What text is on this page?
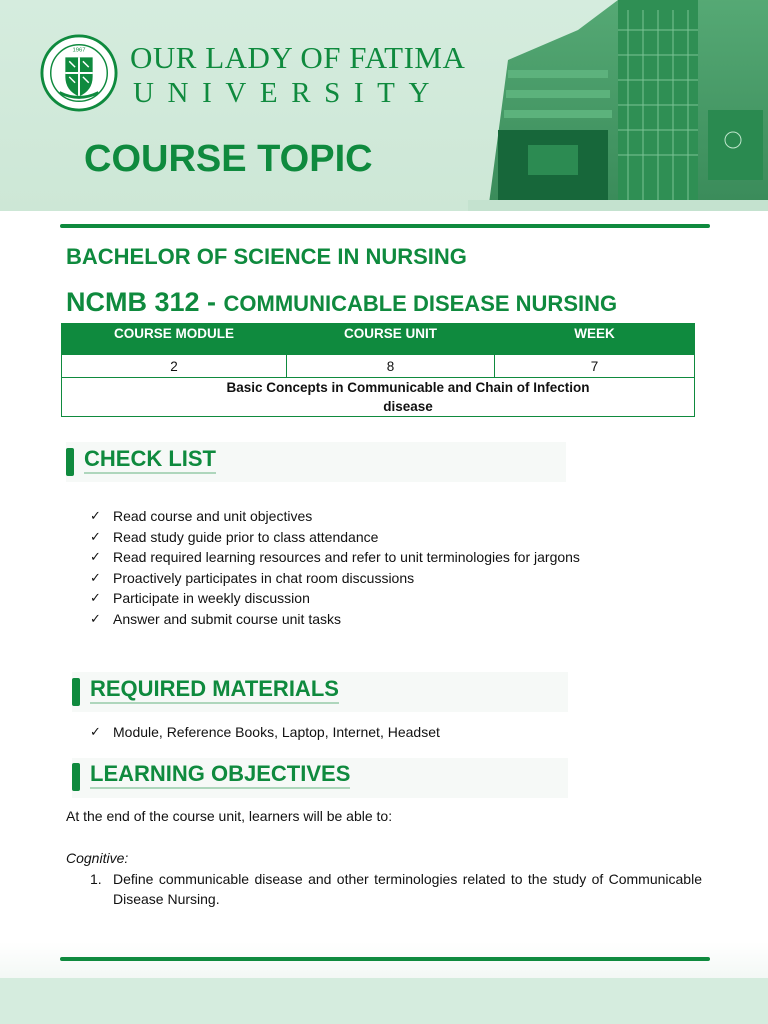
1967 OUR LADY OF FATIMA
UNIVERSITY
COURSE TOPIC
BACHELOR OF SCIENCE IN NURSING
NCMB 312 - COMMUNICABLE DISEASE NURSING
COURSE MODULE	COURSE UNIT	WEEK
2	8	7
Basic Concepts in Communicable and Chain of Infection disease		
CHECK LIST
✓ Read course and unit objectives
✓ Read study guide prior to class attendance
✓ Read required learning resources and refer to unit terminologies for jargons
✓ Proactively participates in chat room discussions
✓ Participate in weekly discussion
✓ Answer and submit course unit tasks
REQUIRED MATERIALS
✓ Module, Reference Books, Laptop, Internet, Headset
LEARNING OBJECTIVES
At the end of the course unit, learners will be able to:
Cognitive:
1. Define communicable disease and other terminologies related to the study of Communicable Disease Nursing.
